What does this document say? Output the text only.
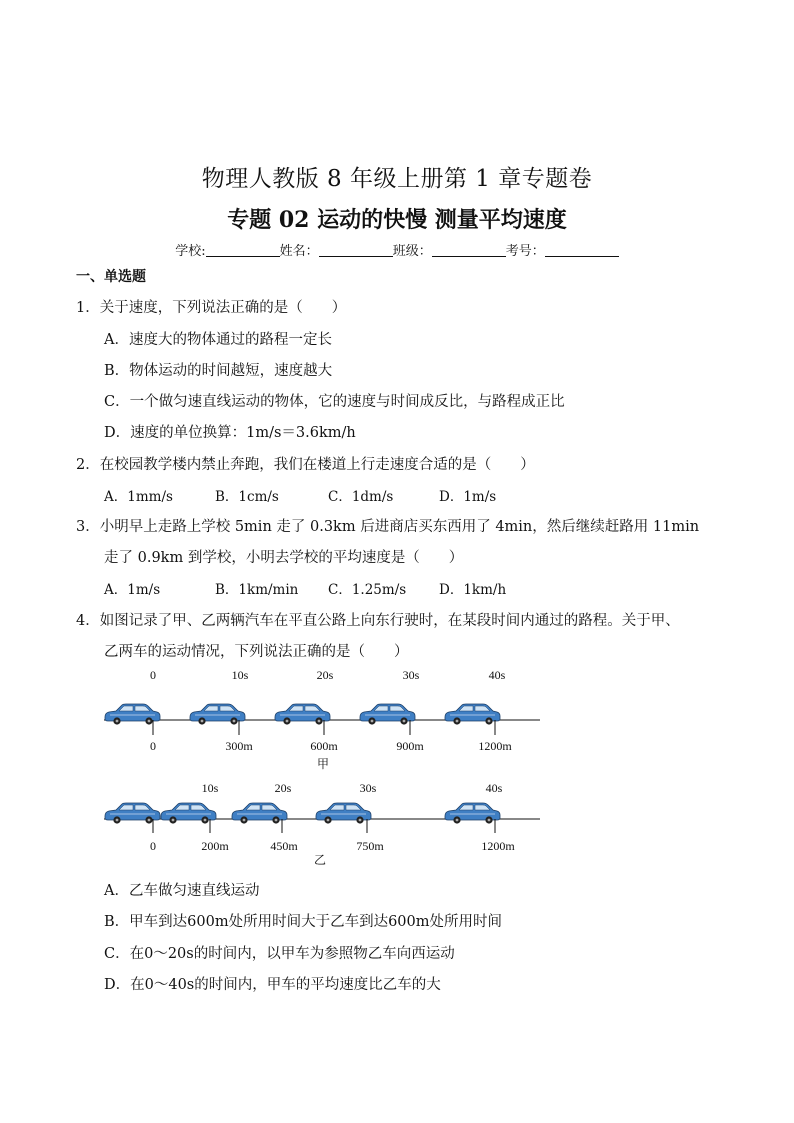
物理人教版 8 年级上册第 1 章专题卷
专题 02 运动的快慢 测量平均速度
学校:	姓名：	班级：	考号：
一、单选题
1．关于速度，下列说法正确的是（　　）
A．速度大的物体通过的路程一定长
B．物体运动的时间越短，速度越大
C．一个做匀速直线运动的物体，它的速度与时间成反比，与路程成正比
D．速度的单位换算：1m/s＝3.6km/h
2．在校园教学楼内禁止奔跑，我们在楼道上行走速度合适的是（　　）
A．1mm/s	B．1cm/s	C．1dm/s	D．1m/s
3．小明早上走路上学校 5min 走了 0.3km 后进商店买东西用了 4min，然后继续赶路用 11min
走了 0.9km 到学校，小明去学校的平均速度是（　　）
A．1m/s	B．1km/min C．1.25m/s D．1km/h
4．如图记录了甲、乙两辆汽车在平直公路上向东行驶时，在某段时间内通过的路程。关于甲、
乙两车的运动情况，下列说法正确的是（　　）
0	10s	20s	30s	40s
0	300m	600m	900m	1200m
甲
10s	20s	30s	40s
0	200m	450m	750m	1200m
乙
A．乙车做匀速直线运动
B．甲车到达600m处所用时间大于乙车到达600m处所用时间
C．在0～20s的时间内，以甲车为参照物乙车向西运动
D．在0～40s的时间内，甲车的平均速度比乙车的大
